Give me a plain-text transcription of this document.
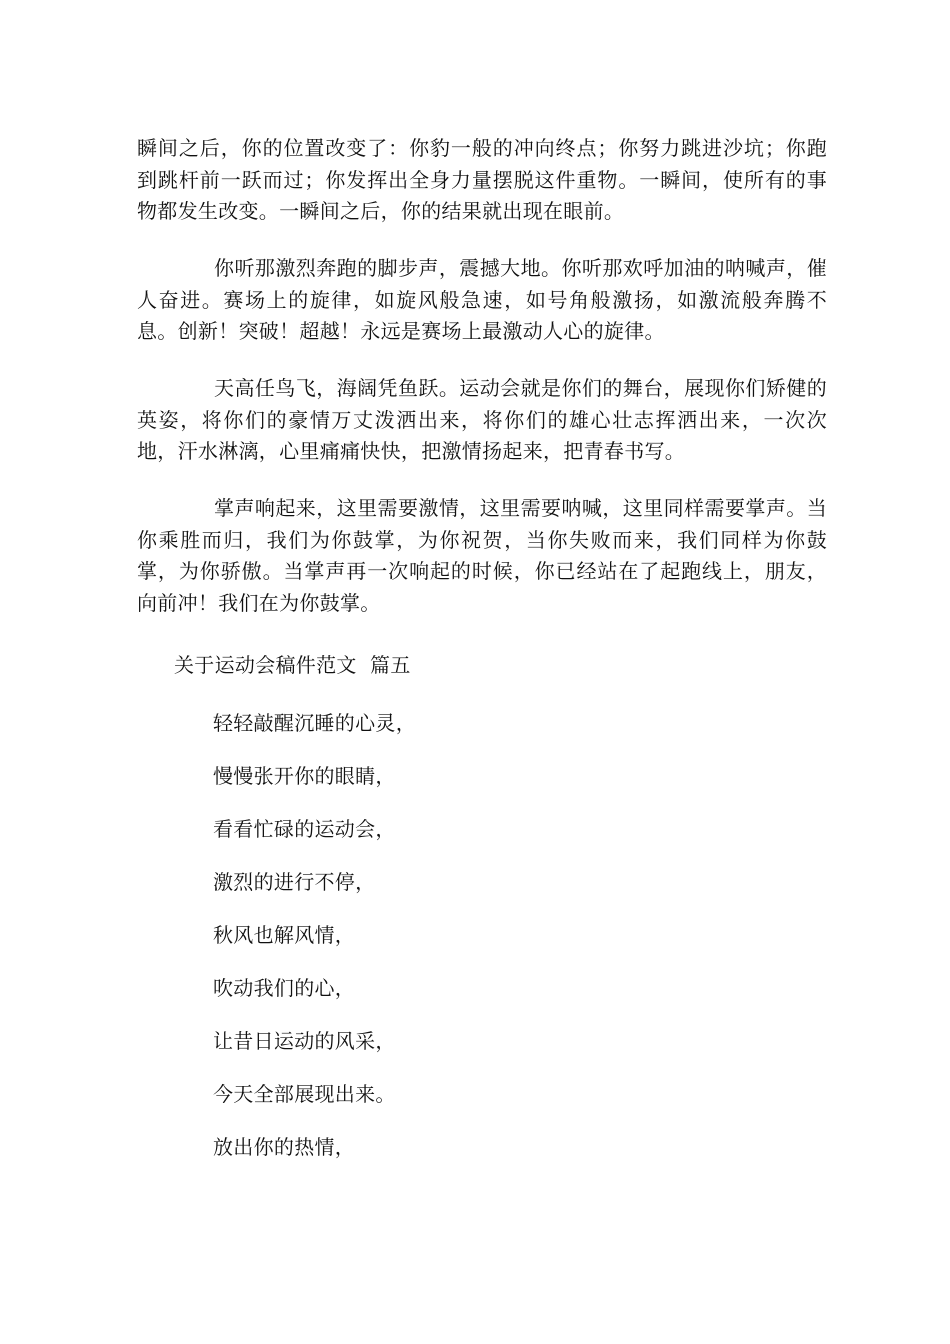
瞬间之后，你的位置改变了：你豹一般的冲向终点；你努力跳进沙坑；你跑到跳杆前一跃而过；你发挥出全身力量摆脱这件重物。一瞬间，使所有的事物都发生改变。一瞬间之后，你的结果就出现在眼前。

你听那激烈奔跑的脚步声，震撼大地。你听那欢呼加油的呐喊声，催人奋进。赛场上的旋律，如旋风般急速，如号角般激扬，如激流般奔腾不息。创新！突破！超越！永远是赛场上最激动人心的旋律。

天高任鸟飞，海阔凭鱼跃。运动会就是你们的舞台，展现你们矫健的英姿，将你们的豪情万丈泼洒出来，将你们的雄心壮志挥洒出来，一次次地，汗水淋漓，心里痛痛快快，把激情扬起来，把青春书写。

掌声响起来，这里需要激情，这里需要呐喊，这里同样需要掌声。当你乘胜而归，我们为你鼓掌，为你祝贺，当你失败而来，我们同样为你鼓掌，为你骄傲。当掌声再一次响起的时候，你已经站在了起跑线上，朋友，向前冲！我们在为你鼓掌。

关于运动会稿件范文  篇五

轻轻敲醒沉睡的心灵，

慢慢张开你的眼睛，

看看忙碌的运动会，

激烈的进行不停，

秋风也解风情，

吹动我们的心，

让昔日运动的风采，

今天全部展现出来。

放出你的热情，
